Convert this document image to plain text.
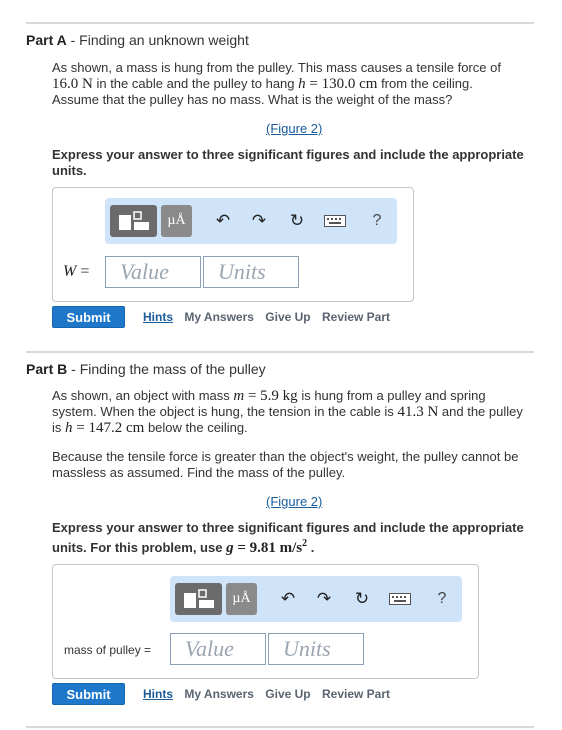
Part A - Finding an unknown weight
As shown, a mass is hung from the pulley. This mass causes a tensile force of
16.0 N in the cable and the pulley to hang h = 130.0 cm from the ceiling.
Assume that the pulley has no mass. What is the weight of the mass?
(Figure 2)
Express your answer to three significant figures and include the appropriate units.
µÅ	↶ ↷ ↻	?
W =	Value	Units
Submit	Hints My Answers Give Up Review Part
Part B - Finding the mass of the pulley
As shown, an object with mass m = 5.9 kg is hung from a pulley and spring
system. When the object is hung, the tension in the cable is 41.3 N and the pulley
is h = 147.2 cm below the ceiling.
Because the tensile force is greater than the object's weight, the pulley cannot be massless as assumed. Find the mass of the pulley.
(Figure 2)
Express your answer to three significant figures and include the appropriate
units. For this problem, use g = 9.81 $m/s^2$ .
µÅ	↶ ↷ ↻	?
mass of pulley =	Value	Units
Submit	Hints My Answers Give Up Review Part
